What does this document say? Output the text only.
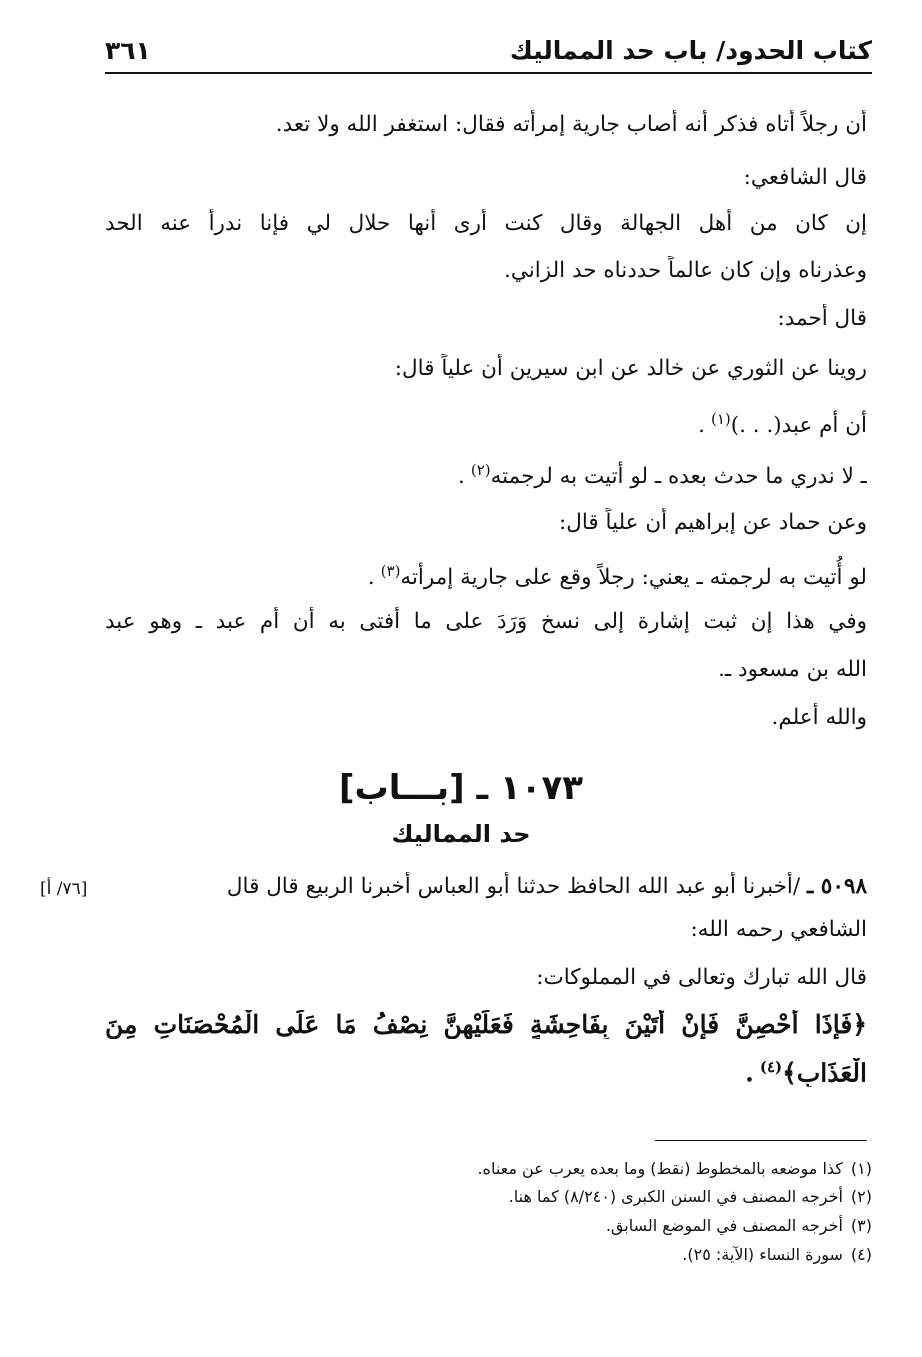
كتاب الحدود/ باب حد المماليك
٣٦١
أن رجلاً أتاه فذكر أنه أصاب جارية إمرأته فقال: استغفر الله ولا تعد.
قال الشافعي:
إن كان من أهل الجهالة وقال كنت أرى أنها حلال لي فإنا ندرأ عنه الحد
وعذرناه وإن كان عالماً حددناه حد الزاني.
قال أحمد:
روينا عن الثوري عن خالد عن ابن سيرين أن علياً قال:
أن أم عبد(. . .)$^{(١)}$.
ـ لا ندري ما حدث بعده ـ لو أتيت به لرجمته$^{(٢)}$.
وعن حماد عن إبراهيم أن علياً قال:
لو أُتيت به لرجمته ـ يعني: رجلاً وقع على جارية إمرأته$^{(٣)}$.
وفي هذا إن ثبت إشارة إلى نسخ وَرَدَ على ما أفتى به أن أم عبد ـ وهو عبد
الله بن مسعود ـ.
والله أعلم.
١٠٧٣ ـ [بـــاب]
حد المماليك
٥٠٩٨ ـ /أخبرنا أبو عبد الله الحافظ حدثنا أبو العباس أخبرنا الربيع قال قال
[٧٦/ أ]
الشافعي رحمه الله:
قال الله تبارك وتعالى في المملوكات:
﴿فَإِذَا أُحْصِنَّ فَإِنْ أَتَيْنَ بِفَاحِشَةٍ فَعَلَيْهِنَّ نِصْفُ مَا عَلَى الْمُحْصَنَاتِ مِنَ
الْعَذَابِ﴾$^{(٤)}$.
(١)كذا موضعه بالمخطوط (نقط) وما بعده يعرب عن معناه.
(٢)أخرجه المصنف في السنن الكبرى (٨/٢٤٠) كما هنا.
(٣)أخرجه المصنف في الموضع السابق.
(٤)سورة النساء (الآية: ٢٥).
